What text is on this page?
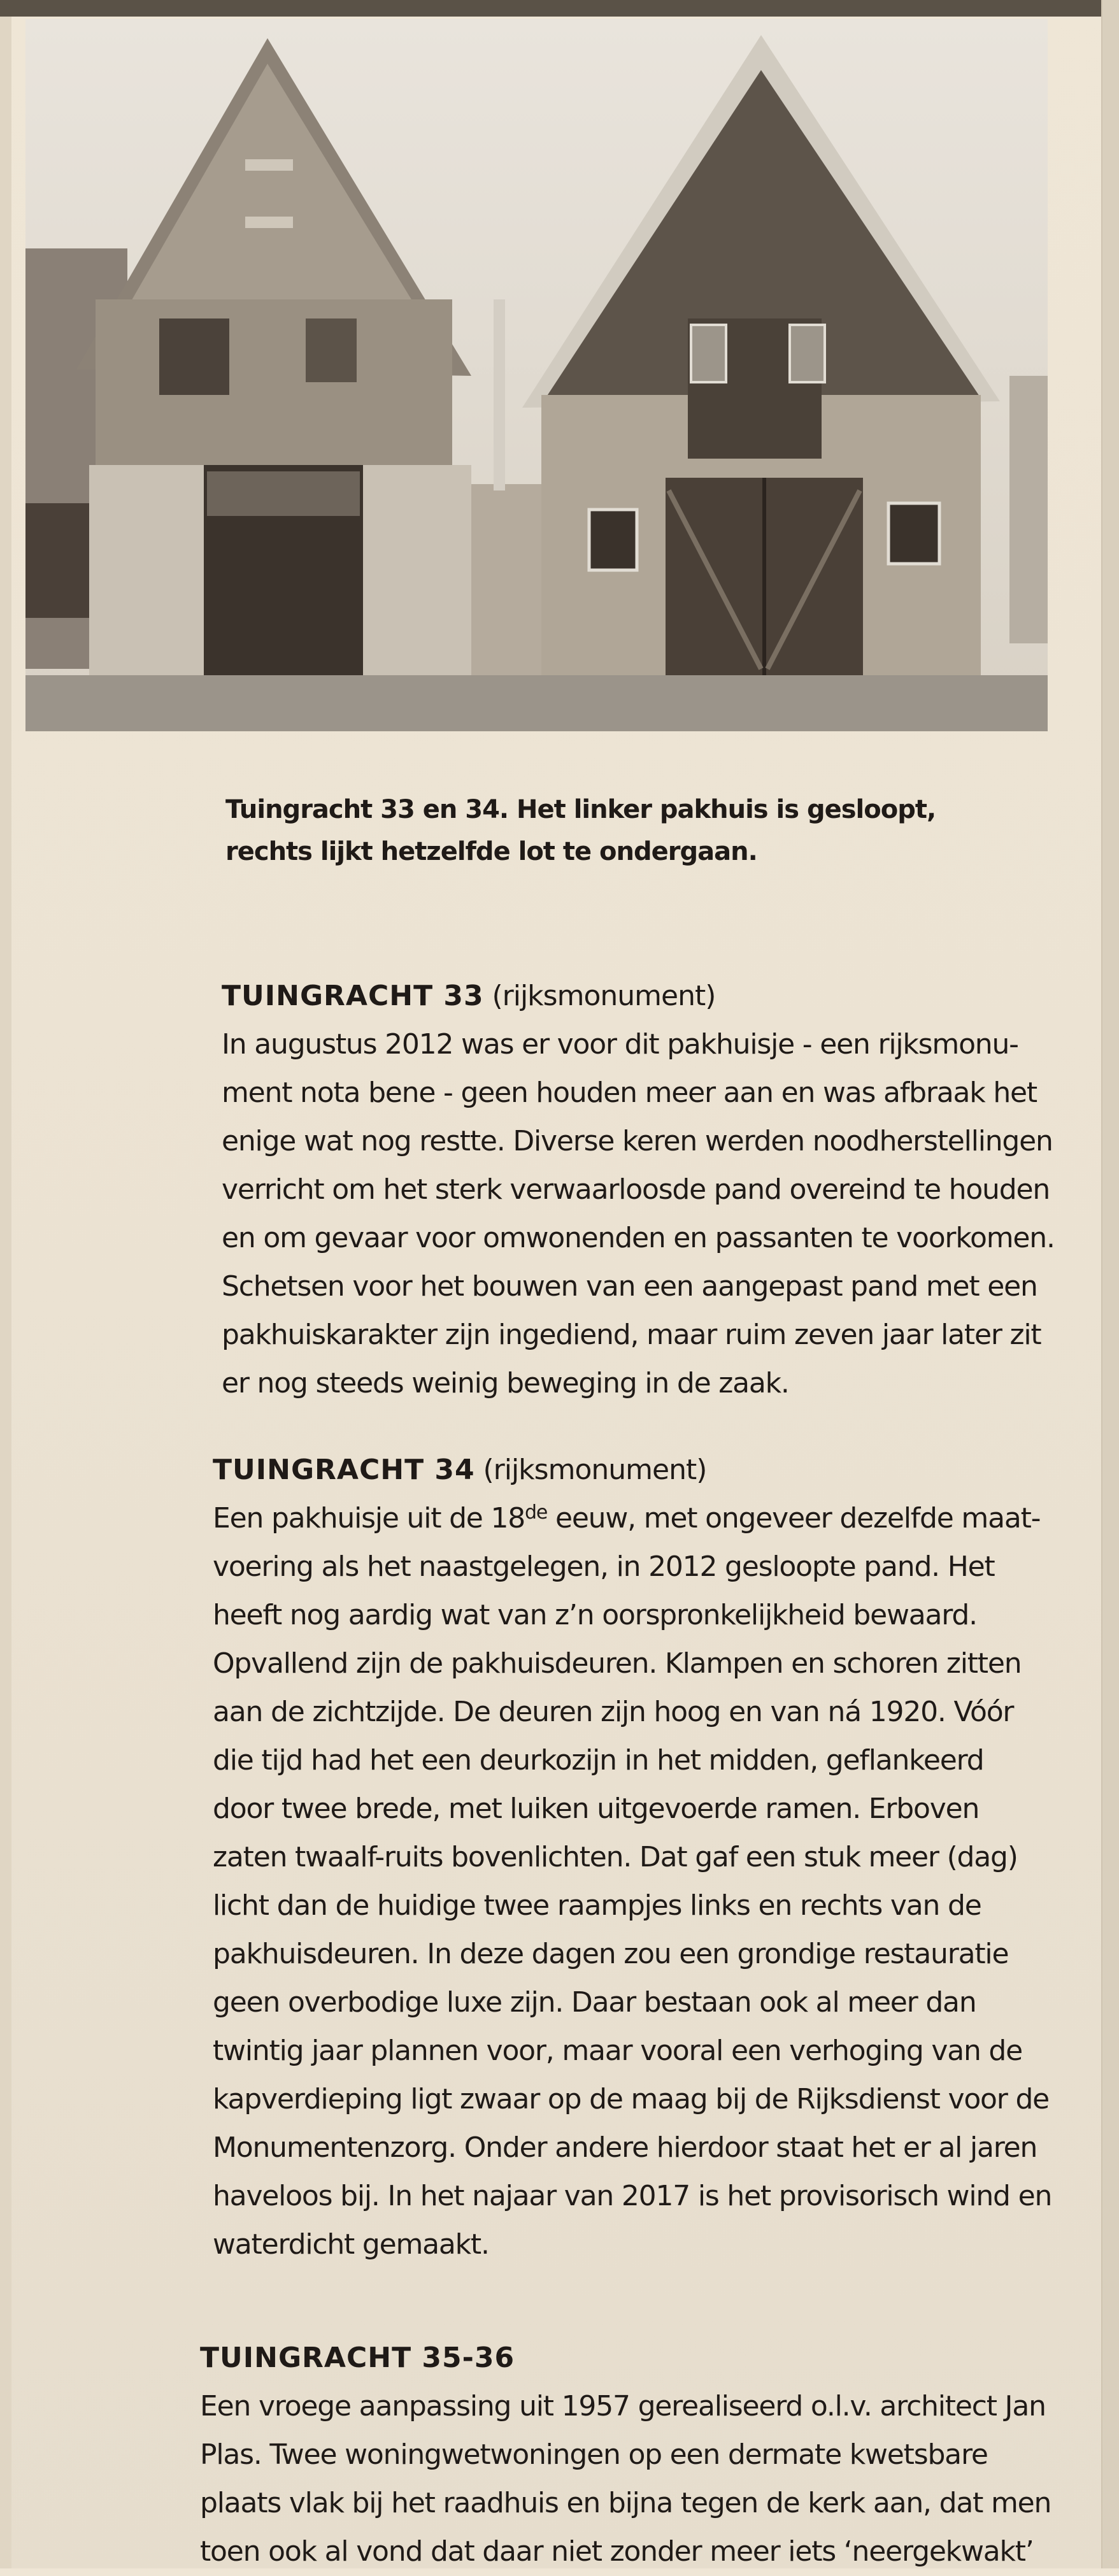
Tuingracht 33 en 34. Het linker pakhuis is gesloopt,
rechts lijkt hetzelfde lot te ondergaan.
TUINGRACHT 33 (rijksmonument)
In augustus 2012 was er voor dit pakhuisje - een rijksmonu-
ment nota bene - geen houden meer aan en was afbraak het
enige wat nog restte. Diverse keren werden noodherstellingen
verricht om het sterk verwaarloosde pand overeind te houden
en om gevaar voor omwonenden en passanten te voorkomen.
Schetsen voor het bouwen van een aangepast pand met een
pakhuiskarakter zijn ingediend, maar ruim zeven jaar later zit
er nog steeds weinig beweging in de zaak.
TUINGRACHT 34 (rijksmonument)
Een pakhuisje uit de 18de eeuw, met ongeveer dezelfde maat-
voering als het naastgelegen, in 2012 gesloopte pand. Het
heeft nog aardig wat van z’n oorspronkelijkheid bewaard.
Opvallend zijn de pakhuisdeuren. Klampen en schoren zitten
aan de zichtzijde. De deuren zijn hoog en van ná 1920. Vóór
die tijd had het een deurkozijn in het midden, geflankeerd
door twee brede, met luiken uitgevoerde ramen. Erboven
zaten twaalf-ruits bovenlichten. Dat gaf een stuk meer (dag)
licht dan de huidige twee raampjes links en rechts van de
pakhuisdeuren. In deze dagen zou een grondige restauratie
geen overbodige luxe zijn. Daar bestaan ook al meer dan
twintig jaar plannen voor, maar vooral een verhoging van de
kapverdieping ligt zwaar op de maag bij de Rijksdienst voor de
Monumentenzorg. Onder andere hierdoor staat het er al jaren
haveloos bij. In het najaar van 2017 is het provisorisch wind en
waterdicht gemaakt.
TUINGRACHT 35-36
Een vroege aanpassing uit 1957 gerealiseerd o.l.v. architect Jan
Plas. Twee woningwetwoningen op een dermate kwetsbare
plaats vlak bij het raadhuis en bijna tegen de kerk aan, dat men
toen ook al vond dat daar niet zonder meer iets ‘neergekwakt’
